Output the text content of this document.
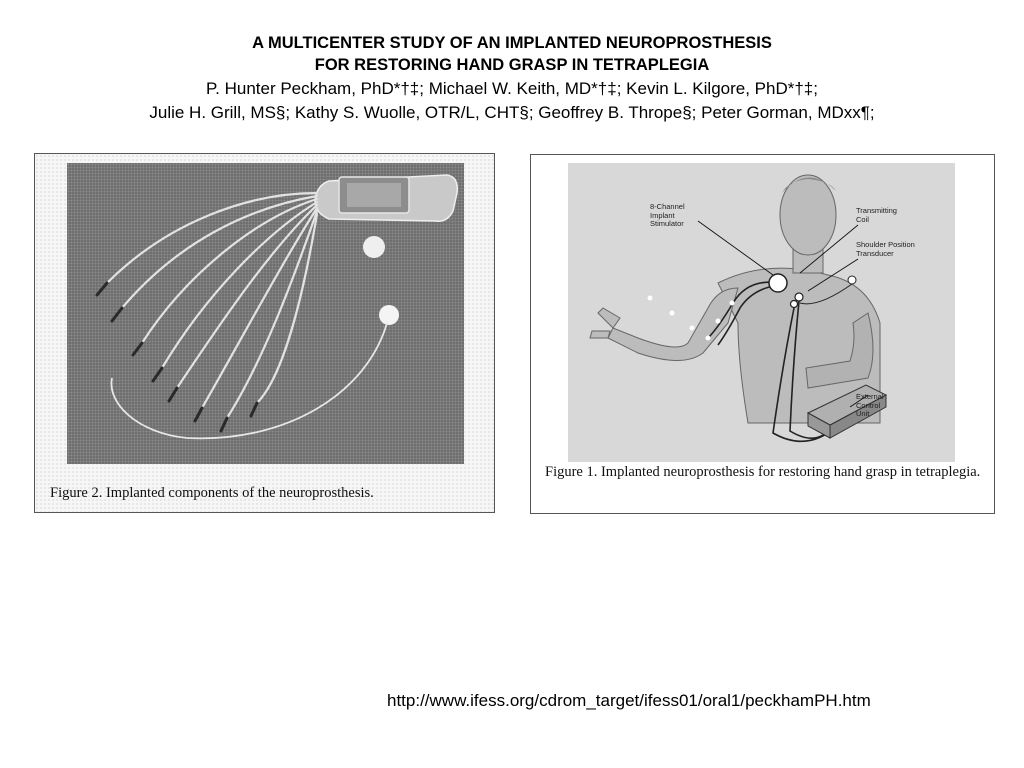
A MULTICENTER STUDY OF AN IMPLANTED NEUROPROSTHESIS
FOR RESTORING HAND GRASP IN TETRAPLEGIA
P. Hunter Peckham, PhD*†‡; Michael W. Keith, MD*†‡; Kevin L. Kilgore, PhD*†‡;
Julie H. Grill, MS§; Kathy S. Wuolle, OTR/L, CHT§; Geoffrey B. Thrope§; Peter Gorman, MDxx¶;
Figure 2. Implanted components of the neuroprosthesis.
8-Channel
Implant
Stimulator
Transmitting
Coil
Shoulder Position
Transducer
External
Control
Unit
Figure 1. Implanted neuroprosthesis for restoring hand grasp in tetraplegia.
http://www.ifess.org/cdrom_target/ifess01/oral1/peckhamPH.htm
